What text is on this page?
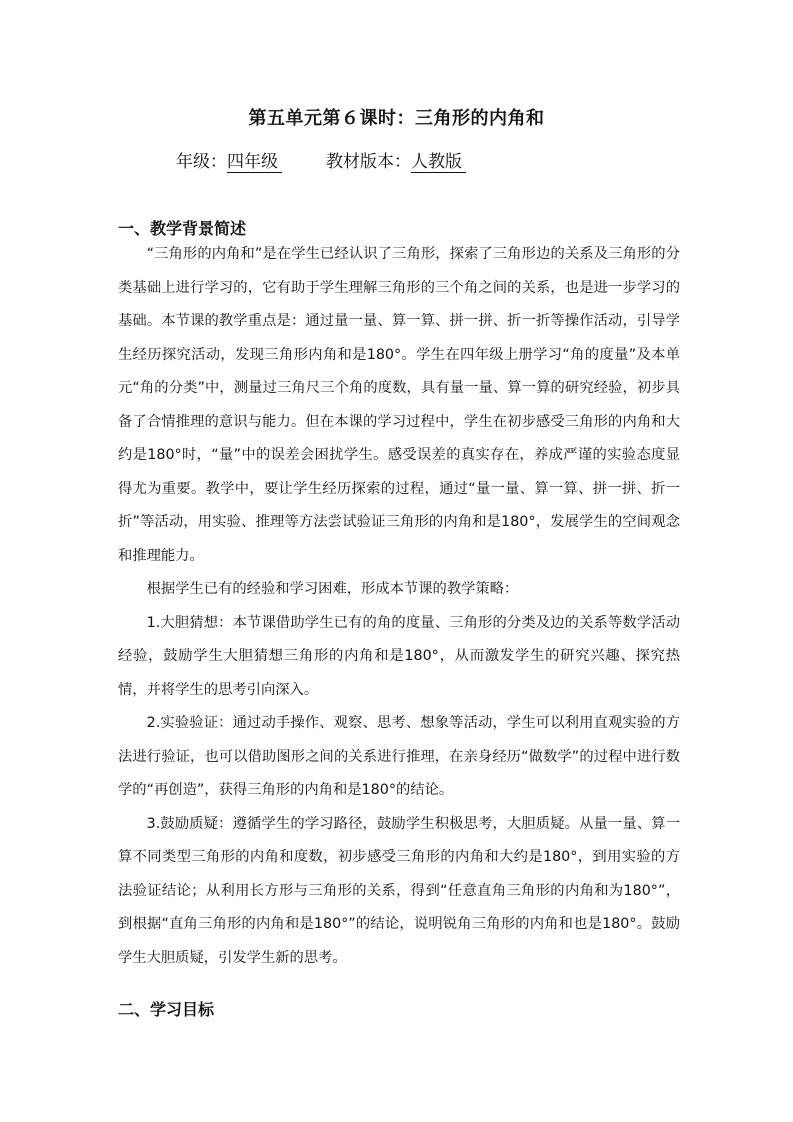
第五单元第６课时：三角形的内角和
年级：四年级	教材版本：人教版
一、教学背景简述

“三角形的内角和”是在学生已经认识了三角形，探索了三角形边的关系及三角形的分类基础上进行学习的，它有助于学生理解三角形的三个角之间的关系，也是进一步学习的基础。本节课的教学重点是：通过量一量、算一算、拼一拼、折一折等操作活动，引导学生经历探究活动，发现三角形内角和是180°。学生在四年级上册学习“角的度量”及本单元“角的分类”中，测量过三角尺三个角的度数，具有量一量、算一算的研究经验，初步具备了合情推理的意识与能力。但在本课的学习过程中，学生在初步感受三角形的内角和大约是180°时，“量”中的误差会困扰学生。感受误差的真实存在，养成严谨的实验态度显得尤为重要。教学中，要让学生经历探索的过程，通过“量一量、算一算、拼一拼、折一折”等活动，用实验、推理等方法尝试验证三角形的内角和是180°，发展学生的空间观念和推理能力。

根据学生已有的经验和学习困难，形成本节课的教学策略：

1.大胆猜想：本节课借助学生已有的角的度量、三角形的分类及边的关系等数学活动经验，鼓励学生大胆猜想三角形的内角和是180°，从而激发学生的研究兴趣、探究热情，并将学生的思考引向深入。

2.实验验证：通过动手操作、观察、思考、想象等活动，学生可以利用直观实验的方法进行验证，也可以借助图形之间的关系进行推理，在亲身经历“做数学”的过程中进行数学的“再创造”，获得三角形的内角和是180°的结论。

3.鼓励质疑：遵循学生的学习路径，鼓励学生积极思考，大胆质疑。从量一量、算一算不同类型三角形的内角和度数，初步感受三角形的内角和大约是180°，到用实验的方法验证结论；从利用长方形与三角形的关系，得到“任意直角三角形的内角和为180°”，到根据“直角三角形的内角和是180°”的结论，说明锐角三角形的内角和也是180°。鼓励学生大胆质疑，引发学生新的思考。

二、学习目标
